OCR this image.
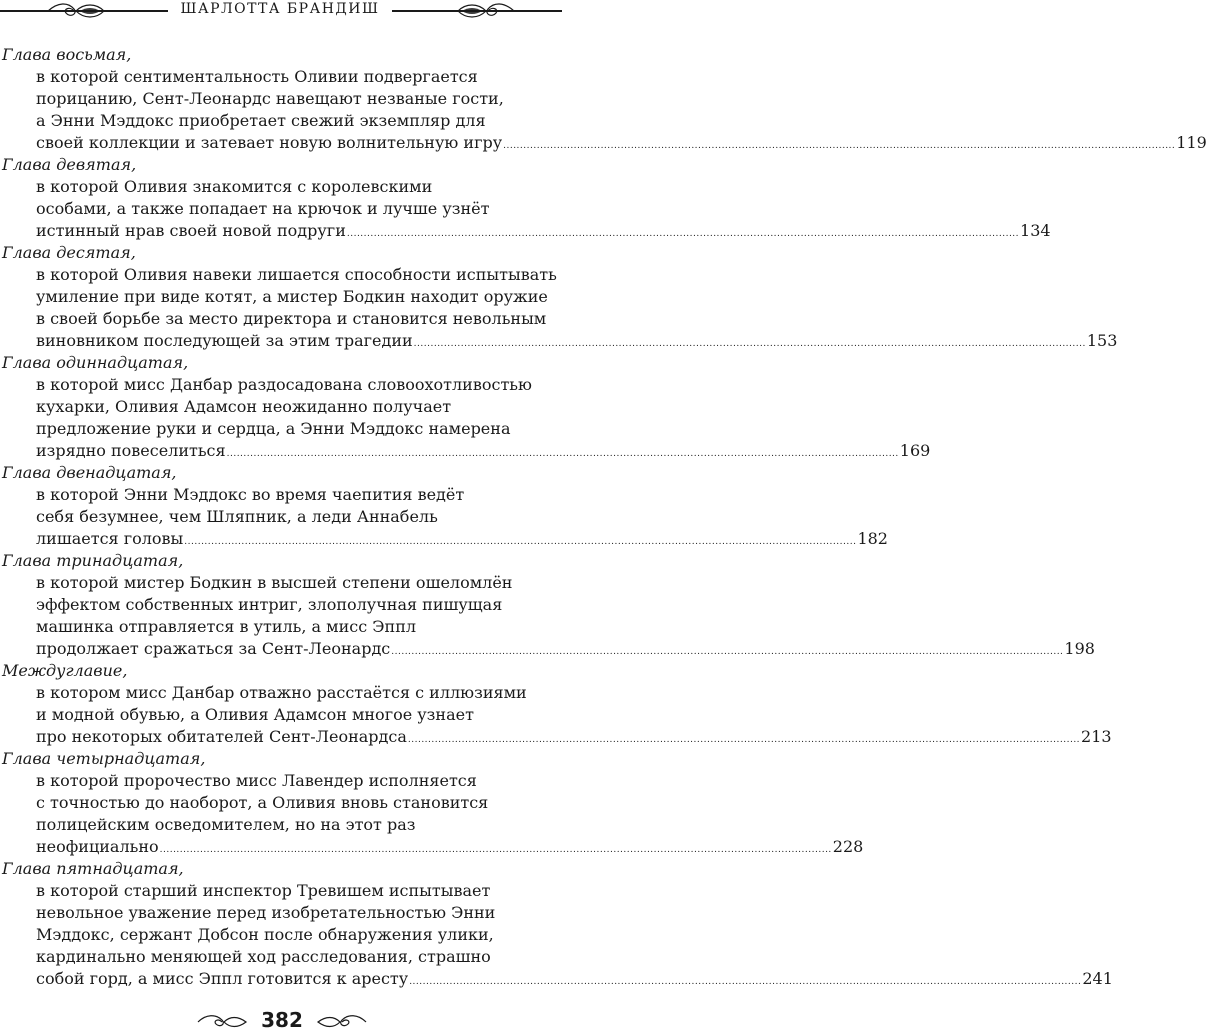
ШАРЛОТТА БРАНДИШ
Глава восьмая,
в которой сентиментальность Оливии подвергается
порицанию, Сент-Леонардс навещают незваные гости,
а Энни Мэддокс приобретает свежий экземпляр для
своей коллекции и затевает новую волнительную игру ........................................................................................................................................................................................................ 119
Глава девятая,
в которой Оливия знакомится с королевскими
особами, а также попадает на крючок и лучше узнёт
истинный нрав своей новой подруги ........................................................................................................................................................................................................ 134
Глава десятая,
в которой Оливия навеки лишается способности испытывать
умиление при виде котят, а мистер Бодкин находит оружие
в своей борьбе за место директора и становится невольным
виновником последующей за этим трагедии ........................................................................................................................................................................................................ 153
Глава одиннадцатая,
в которой мисс Данбар раздосадована словоохотливостью
кухарки, Оливия Адамсон неожиданно получает
предложение руки и сердца, а Энни Мэддокс намерена
изрядно повеселиться ........................................................................................................................................................................................................ 169
Глава двенадцатая,
в которой Энни Мэддокс во время чаепития ведёт
себя безумнее, чем Шляпник, а леди Аннабель
лишается головы ........................................................................................................................................................................................................ 182
Глава тринадцатая,
в которой мистер Бодкин в высшей степени ошеломлён
эффектом собственных интриг, злополучная пишущая
машинка отправляется в утиль, а мисс Эппл
продолжает сражаться за Сент-Леонардс ........................................................................................................................................................................................................ 198
Междуглавие,
в котором мисс Данбар отважно расстаётся с иллюзиями
и модной обувью, а Оливия Адамсон многое узнает
про некоторых обитателей Сент-Леонардса ........................................................................................................................................................................................................ 213
Глава четырнадцатая,
в которой пророчество мисс Лавендер исполняется
с точностью до наоборот, а Оливия вновь становится
полицейским осведомителем, но на этот раз
неофициально ........................................................................................................................................................................................................ 228
Глава пятнадцатая,
в которой старший инспектор Тревишем испытывает
невольное уважение перед изобретательностью Энни
Мэддокс, сержант Добсон после обнаружения улики,
кардинально меняющей ход расследования, страшно
собой горд, а мисс Эппл готовится к аресту ........................................................................................................................................................................................................ 241
382
